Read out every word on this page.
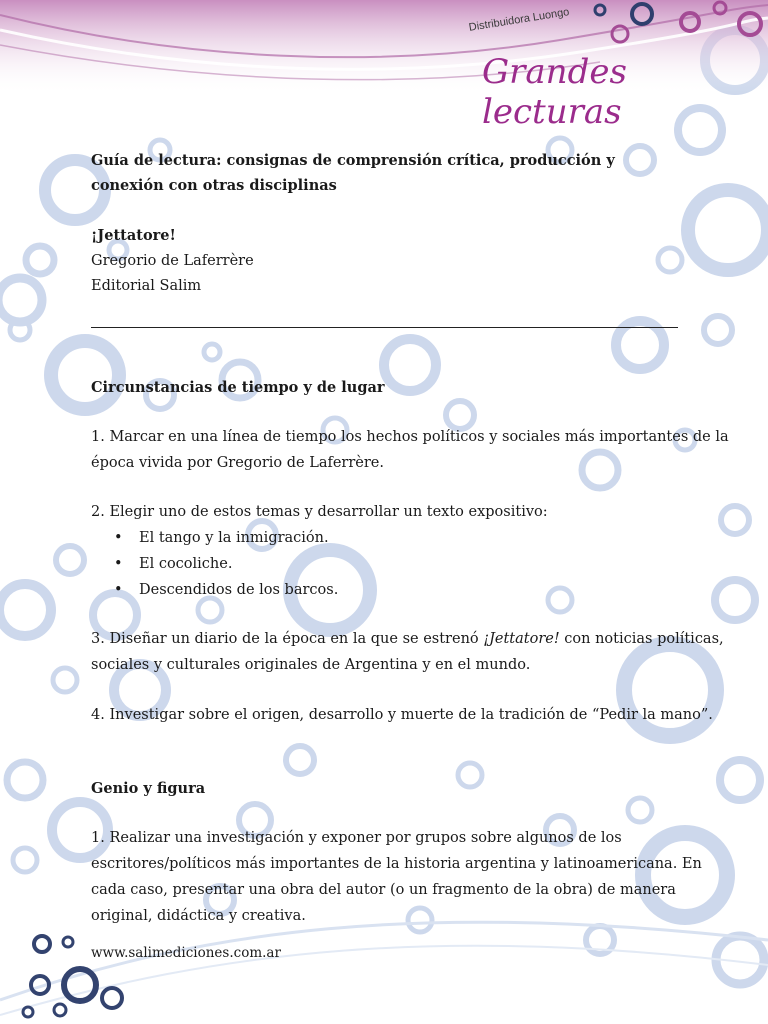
Distribuidora Luongo
Grandes lecturas
Guía de lectura: consignas de comprensión crítica, producción y
conexión con otras disciplinas
¡Jettatore!
Gregorio de Laferrère
Editorial Salim
Circunstancias de tiempo y de lugar
1. Marcar en una línea de tiempo los hechos políticos y sociales más importantes de la
época vivida por Gregorio de Laferrère.
2. Elegir uno de estos temas y desarrollar un texto expositivo:
• El tango y la inmigración.
• El cocoliche.
• Descendidos de los barcos.
3. Diseñar un diario de la época en la que se estrenó ¡Jettatore! con noticias políticas,
sociales y culturales originales de Argentina y en el mundo.
4. Investigar sobre el origen, desarrollo y muerte de la tradición de “Pedir la mano”.
Genio y figura
1. Realizar una investigación y exponer por grupos sobre algunos de los
escritores/políticos más importantes de la historia argentina y latinoamericana. En
cada caso, presentar una obra del autor (o un fragmento de la obra) de manera
original, didáctica y creativa.
www.salimediciones.com.ar
